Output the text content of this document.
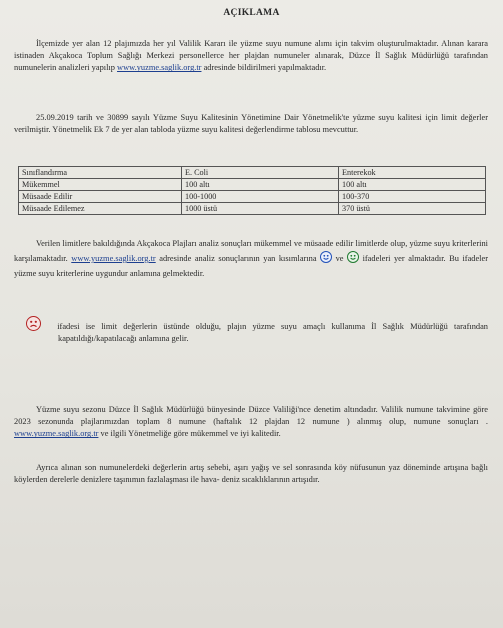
AÇIKLAMA
İlçemizde yer alan 12 plajımızda her yıl Valilik Kararı ile yüzme suyu numune alımı için takvim oluşturulmaktadır. Alınan karara istinaden Akçakoca Toplum Sağlığı Merkezi personellerce her plajdan numuneler alınarak, Düzce İl Sağlık Müdürlüğü tarafından numunelerin analizleri yapılıp www.yuzme.saglik.org.tr adresinde bildirilmeri yapılmaktadır.
25.09.2019 tarih ve 30899 sayılı Yüzme Suyu Kalitesinin Yönetimine Dair Yönetmelik'te yüzme suyu kalitesi için limit değerler verilmiştir. Yönetmelik Ek 7 de yer alan tabloda yüzme suyu kalitesi değerlendirme tablosu mevcuttur.
Sınıflandırma	E. Coli	Enterekok
Mükemmel	100 altı	100 altı
Müsaade Edilir	100-1000	100-370
Müsaade Edilemez	1000 üstü	370 üstü
Verilen limitlere bakıldığında Akçakoca Plajları analiz sonuçları mükemmel ve müsaade edilir limitlerde olup, yüzme suyu kriterlerini karşılamaktadır. www.yuzme.saglik.org.tr adresinde analiz sonuçlarının yan kısımlarına
ve
ifadeleri yer almaktadır. Bu ifadeler yüzme suyu kriterlerine uygundur anlamına gelmektedir.
ifadesi ise limit değerlerin üstünde olduğu, plajın yüzme suyu amaçlı kullanıma İl Sağlık Müdürlüğü tarafından kapatıldığı/kapatılacağı anlamına gelir.
Yüzme suyu sezonu Düzce İl Sağlık Müdürlüğü bünyesinde Düzce Valiliği'nce denetim altındadır. Valilik numune takvimine göre 2023 sezonunda plajlarımızdan toplam 8 numune (haftalık 12 plajdan 12 numune ) alınmış olup, numune sonuçları . www.yuzme.saglik.org.tr ve ilgili Yönetmeliğe göre mükemmel ve iyi kalitedir.
Ayrıca alınan son numunelerdeki değerlerin artış sebebi, aşırı yağış ve sel sonrasında köy nüfusunun yaz döneminde artışına bağlı köylerden derelerle denizlere taşınımın fazlalaşması ile hava- deniz sıcaklıklarının artışıdır.
